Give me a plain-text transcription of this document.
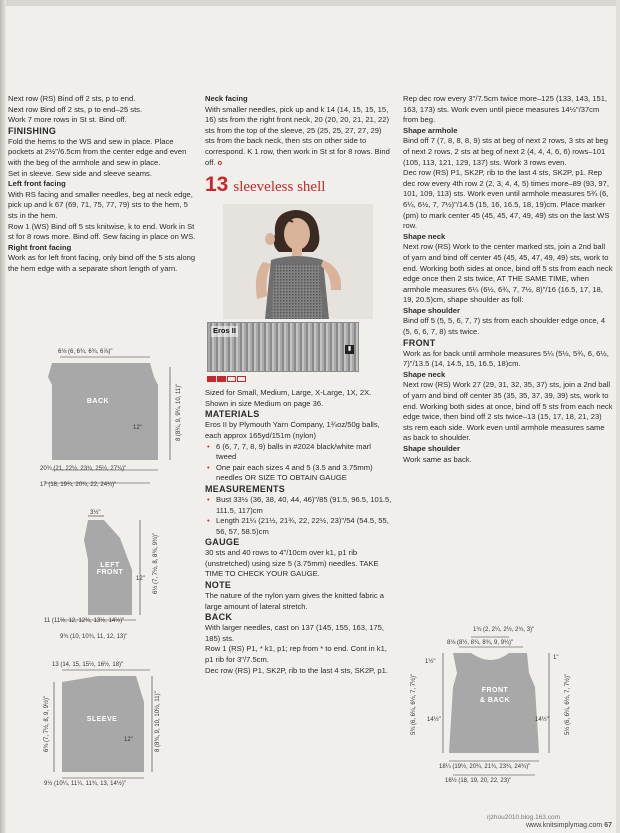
Next row (RS) Bind off 2 sts, p to end.

Next row Bind off 2 sts, p to end–25 sts.

Work 7 more rows in St st. Bind off.

FINISHING

Fold the hems to the WS and sew in place. Place pockets at 2½"/6.5cm from the center edge and even with the beg of the armhole and sew in place.

Set in sleeve. Sew side and sleeve seams.

Left front facing

With RS facing and smaller needles, beg at neck edge, pick up and k 67 (69, 71, 75, 77, 79) sts to the hem, 5 sts in the hem.

Row 1 (WS) Bind off 5 sts knitwise, k to end. Work in St st for 8 rows more. Bind off. Sew facing in place on WS.

Right front facing

Work as for left front facing, only bind off the 5 sts along the hem edge with a separate short length of yarn.

6⅛ (6, 6¾, 6¾, 6⅞)"
BACK	8 (8¼, 9, 9¼, 10, 11)"
12"
20¾ (21, 22½, 23¾, 25½, 27¾)"
17 (18, 19¾, 20¾, 22, 24¾)"
3½"
LEFT FRONT	6½ (7, 7½, 8, 8¾, 9¾)"
12"
11 (11½, 12, 12¾, 13½, 14½)"
9¾ (10, 10¾, 11, 12, 13)"
13 (14, 15, 15½, 16½, 18)"
SLEEVE
6¾ (7, 7½, 8, 9, 9½)"	8 (8¾, 9, 10, 10½, 11)"
12"
9½ (10¼, 11¼, 11¾, 13, 14½)"

Neck facing

With smaller needles, pick up and k 14 (14, 15, 15, 15, 16) sts from the right front neck, 20 (20, 20, 21, 21, 22) sts from the top of the sleeve, 25 (25, 25, 27, 27, 29) sts from the back neck, then sts on other side to correspond. K 1 row, then work in St st for 8 rows. Bind off. o

13 sleeveless shell
Eros II
▮

Sized for Small, Medium, Large, X-Large, 1X, 2X. Shown in size Medium on page 36.

MATERIALS

Eros II by Plymouth Yarn Company, 1¾oz/50g balls, each approx 165yd/151m (nylon)

• 6 (6, 7, 7, 8, 9) balls in #2024 black/white marl tweed
• One pair each sizes 4 and 5 (3.5 and 3.75mm) needles OR SIZE TO OBTAIN GAUGE

MEASUREMENTS

• Bust 33½ (36, 38, 40, 44, 46)"/85 (91.5, 96.5, 101.5, 111.5, 117)cm
• Length 21¼ (21½, 21¾, 22, 22½, 23)"/54 (54.5, 55, 56, 57, 58.5)cm

GAUGE

30 sts and 40 rows to 4"/10cm over k1, p1 rib (unstretched) using size 5 (3.75mm) needles. TAKE TIME TO CHECK YOUR GAUGE.

NOTE

The nature of the nylon yarn gives the knitted fabric a large amount of lateral stretch.

BACK

With larger needles, cast on 137 (145, 155, 163, 175, 185) sts.

Row 1 (RS) P1, * k1, p1; rep from * to end. Cont in k1, p1 rib for 3"/7.5cm.

Dec row (RS) P1, SK2P, rib to the last 4 sts, SK2P, p1.

Rep dec row every 3"/7.5cm twice more–125 (133, 143, 151, 163, 173) sts. Work even until piece measures 14½"/37cm from beg.

Shape armhole

Bind off 7 (7, 8, 8, 8, 9) sts at beg of next 2 rows, 3 sts at beg of next 2 rows, 2 sts at beg of next 2 (4, 4, 4, 6, 6) rows–101 (105, 113, 121, 129, 137) sts. Work 3 rows even.

Dec row (RS) P1, SK2P, rib to the last 4 sts, SK2P, p1. Rep dec row every 4th row 2 (2, 3, 4, 4, 5) times more–89 (93, 97, 101, 109, 113) sts. Work even until armhole measures 5¾ (6, 6¼, 6½, 7, 7½)"/14.5 (15, 16, 16.5, 18, 19)cm. Place marker (pm) to mark center 45 (45, 45, 47, 49, 49) sts on the last WS row.

Shape neck

Next row (RS) Work to the center marked sts, join a 2nd ball of yarn and bind off center 45 (45, 45, 47, 49, 49) sts, work to end. Working both sides at once, bind off 5 sts from each neck edge once then 2 sts twice, AT THE SAME TIME, when armhole measures 6¼ (6½, 6¾, 7, 7½, 8)"/16 (16.5, 17, 18, 19, 20.5)cm, shape shoulder as foll:

Shape shoulder

Bind off 5 (5, 5, 6, 7, 7) sts from each shoulder edge once, 4 (5, 6, 6, 7, 8) sts twice.

FRONT

Work as for back until armhole measures 5¼ (5½, 5¾, 6, 6½, 7)"/13.5 (14, 14.5, 15, 16.5, 18)cm.

Shape neck

Next row (RS) Work 27 (29, 31, 32, 35, 37) sts, join a 2nd ball of yarn and bind off center 35 (35, 35, 37, 39, 39) sts, work to end. Working both sides at once, bind off 5 sts from each neck edge twice, then bind off 2 sts twice–13 (15, 17, 18, 21, 23) sts rem each side. Work even until armhole measures same as back to shoulder.

Shape shoulder

Work same as back.

1¾ (2, 2¼, 2½, 2¾, 3)"
8⅛ (8½, 8¾, 8¾, 9, 9¾)"
1½"
1"
FRONT
& BACK
5¾ (6, 6¼, 6½, 7, 7½)"	5½ (6, 6¼, 6½, 7, 7½)"
14½"	14½"
18¼ (19½, 20¾, 21¾, 23¾, 24¾)"
16½ (18, 19, 20, 22, 23)"
www.knitsimplymag.com 67
rjzhou2010.blog.163.com
